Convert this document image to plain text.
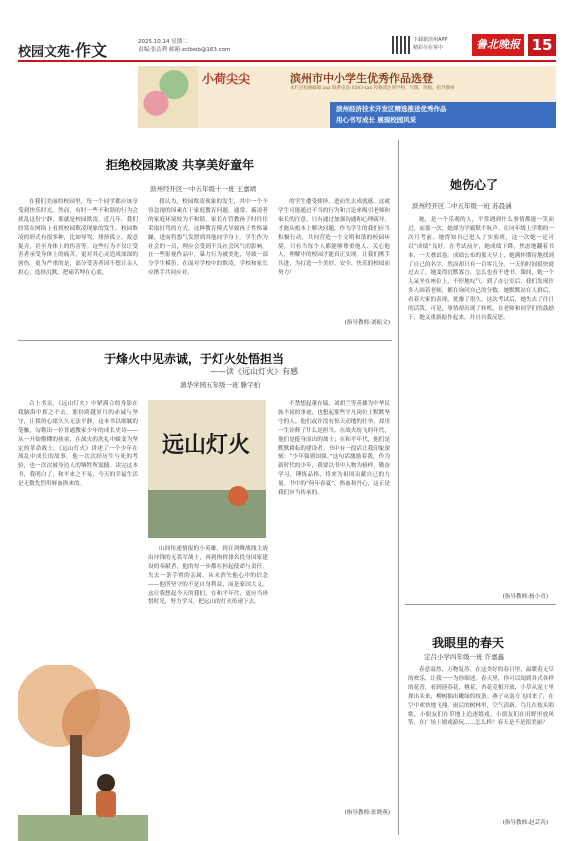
校园文苑·作文	2025.10.14 星期二
责编:张洁利 邮箱:zclbwb@163.com
下载新滨州APP
精彩尽在掌中	鲁北晚报 15
小荷尖尖	滨州市中小学生优秀作品选登
本栏目投稿邮箱:xxx 联系电话:0543-xxx 投稿请注明学校、年级、班级、指导教师
滨州经济技术开发区精选推送优秀作品
用心书写成长 展现校园风采
拒绝校园欺凌 共享美好童年
滨州经开区一中五年级十一班 王嘉靖

在我们美丽的校园里，每一个同学都应该享受到快乐时光。然而，有时一些不和谐的行为会扰乱这份宁静，那就是校园欺凌。近几年，我们经常在网络上看到校园欺凌现象的发生。校园欺凌的形式有很多种，比如辱骂、排挤孤立、故意捉弄，甚至身体上的伤害等。这些行为不仅让受害者承受身体上的痛苦，更对其心灵造成深深的创伤。更为严重的是，部分受害者因不想让亲人担心，选择沉默，把痛苦埋在心底。

我认为，校园欺凌现象的发生，其中一个不容忽视的因素在于家庭教育问题。通常，霸凌者的家庭环境较为不和谐，家长在管教孩子时往往采取打骂的方式。这种教育模式导致孩子性格暴躁，进而将怨气发泄到其他同学身上。学生作为社会的一员，理应会受到不良社会风气的影响。在一些影视作品中，暴力行为被美化，导致一部分学生模仿。在面对学校中的欺凌，学校和家长应携手共同应对。

的学生遭受排挤，进而失去成就感。这就学生可能通过不当的行为和言论来吸引老师和家长的注意。只有通过加强沟通和心理疏导，才能从根本上解决问题。作为学生的我们应当积极行动，共同营造一个文明和谐的校园环境。只有当每个人都能够尊重他人、关心他人，理解中的校园才能真正实现。让我们携手共进，为打造一个美好、安全、快乐的校园而努力！

(指导教师:刘振文)
她伤心了
滨州经开区二中五年级一班 苏晨涵

她，是一个乐观的人，平常遇到什么事情都能一笑而过，而那一次，她却为学霸默不吭声。在同年级上学期的一次月考前，她得知自己进入了实验班，这一次她一定可以“成绩”良好。在考试前夕，她成绩下降，焦虑地翻着书本，一大叠试卷。成绩公布的那天早上，她满怀期待地找到了自己的名字，然而却只有一百零几分。一天的时间很快就过去了，她变得沉默寡言，怎么也看不进书。课间，她一个人呆坐在座位上，不停地叹气。到了办公室后，我们发现许多人围着老师，都在询问自己的分数。她默默站在人群后，看着大家的表现，犹豫了很久。这次考试后，她失去了往日的活泼。可是，事情却出现了转机，在老师和同学们的鼓励下，她又重新振作起来，并且自我反思。

(指导教师:杨小青)
于烽火中见赤诚，于灯火处悟担当
——读《远山灯火》有感
蒲华学园五年级一班 滕宇柏

合上书页，《远山灯火》中紧满合的身影在我脑海中挥之不去。那份跨越岁月的赤诚与坚守，让我的心绪久久无法平静。这本书以细腻的笔触，勾勒出一位普通教家少年的成长史诗——从一开始懵懂的孩童，在战火的洗礼中蜕变为坚定的革命战士。《远山灯火》讲述了一个少年在战乱中成长的故事，他一次次经历生与死的考验，也一次次被身边人的牺牲所震撼。读完这本书，我明白了，和平来之不易，今天的幸福生活是无数先烈用鲜血换来的。

远山灯火

山间传递情报的小英雄，到在剑峰战线主战由冲锋的无畏军战士，再到指挥排名投身国家建设的奉献者，他的每一步都在担起使命与责任。失去一条手臂的亲属，从未消失他心中的信念——他所坚守的不是自身利益，而是家国大义。这让我想起今天的我们，在和平年代，更应当珍惜时光，努力学习，把远山的灯火传递下去。

不禁想起董存瑞、刘胡兰等英雄为中华民族不屈的事迹，也想起那些平凡岗位上默默坚守的人。他们或许没有惊天动地的壮举，却用一生诠释了什么是担当。在战火纷飞的年代，他们是挺身而出的战士；在和平年代，他们是默默耕耘的建设者。书中有一段话让我印象深刻：“少年强则国强。”这句话激励着我，作为新时代的少年，我要以书中人物为榜样，勤奋学习，锤炼品格，将来为祖国贡献自己的力量。书中的“何年春夏”，热血和丹心，这正是我们应当传承的。

(指导教师:张晓燕)
我眼里的春天
定吕小学四年级一班 许嘉鑫

春意盎然，万物复苏。在这美好的春日里，温暖着无尽的欢乐，让我一一为你细述。春天里，你可以闻到各式各样的花香，看到迎春花、桃花、杏花竞相开放，小草从泥土里探出头来，柳树抽出嫩绿的枝条。燕子从南方飞回来了，在空中欢快地飞翔。雨后的树林里，空气清新，鸟儿在枝头唱歌，小朋友们在草地上追逐嬉戏。小朋友们在田野里放风筝，在广场上嬉戏游玩……怎么样？春天是不是很美丽？

(指导教师:赵芸芮)
